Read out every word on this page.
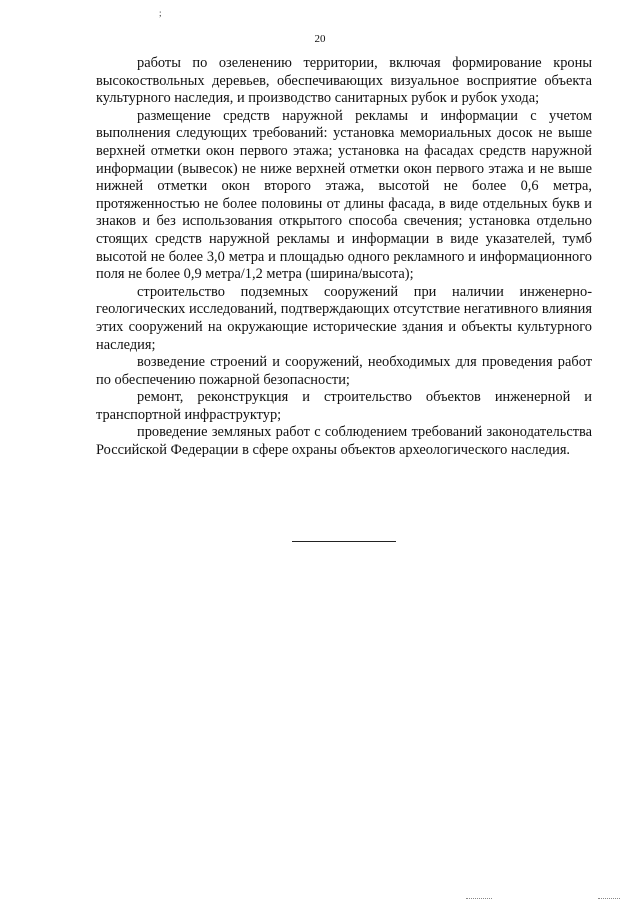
;
20

работы по озеленению территории, включая формирование кроны высокоствольных деревьев, обеспечивающих визуальное восприятие объекта культурного наследия, и производство санитарных рубок и рубок ухода;

размещение средств наружной рекламы и информации с учетом выполнения следующих требований: установка мемориальных досок не выше верхней отметки окон первого этажа; установка на фасадах средств наружной информации (вывесок) не ниже верхней отметки окон первого этажа и не выше нижней отметки окон второго этажа, высотой не более 0,6 метра, протяженностью не более половины от длины фасада, в виде отдельных букв и знаков и без использования открытого способа свечения; установка отдельно стоящих средств наружной рекламы и информации в виде указателей, тумб высотой не более 3,0 метра и площадью одного рекламного и информационного поля не более 0,9 метра/1,2 метра (ширина/высота);

строительство подземных сооружений при наличии инженерно-геологических исследований, подтверждающих отсутствие негативного влияния этих сооружений на окружающие исторические здания и объекты культурного наследия;

возведение строений и сооружений, необходимых для проведения работ по обеспечению пожарной безопасности;

ремонт, реконструкция и строительство объектов инженерной и транспортной инфраструктур;

проведение земляных работ с соблюдением требований законодательства Российской Федерации в сфере охраны объектов археологического наследия.
